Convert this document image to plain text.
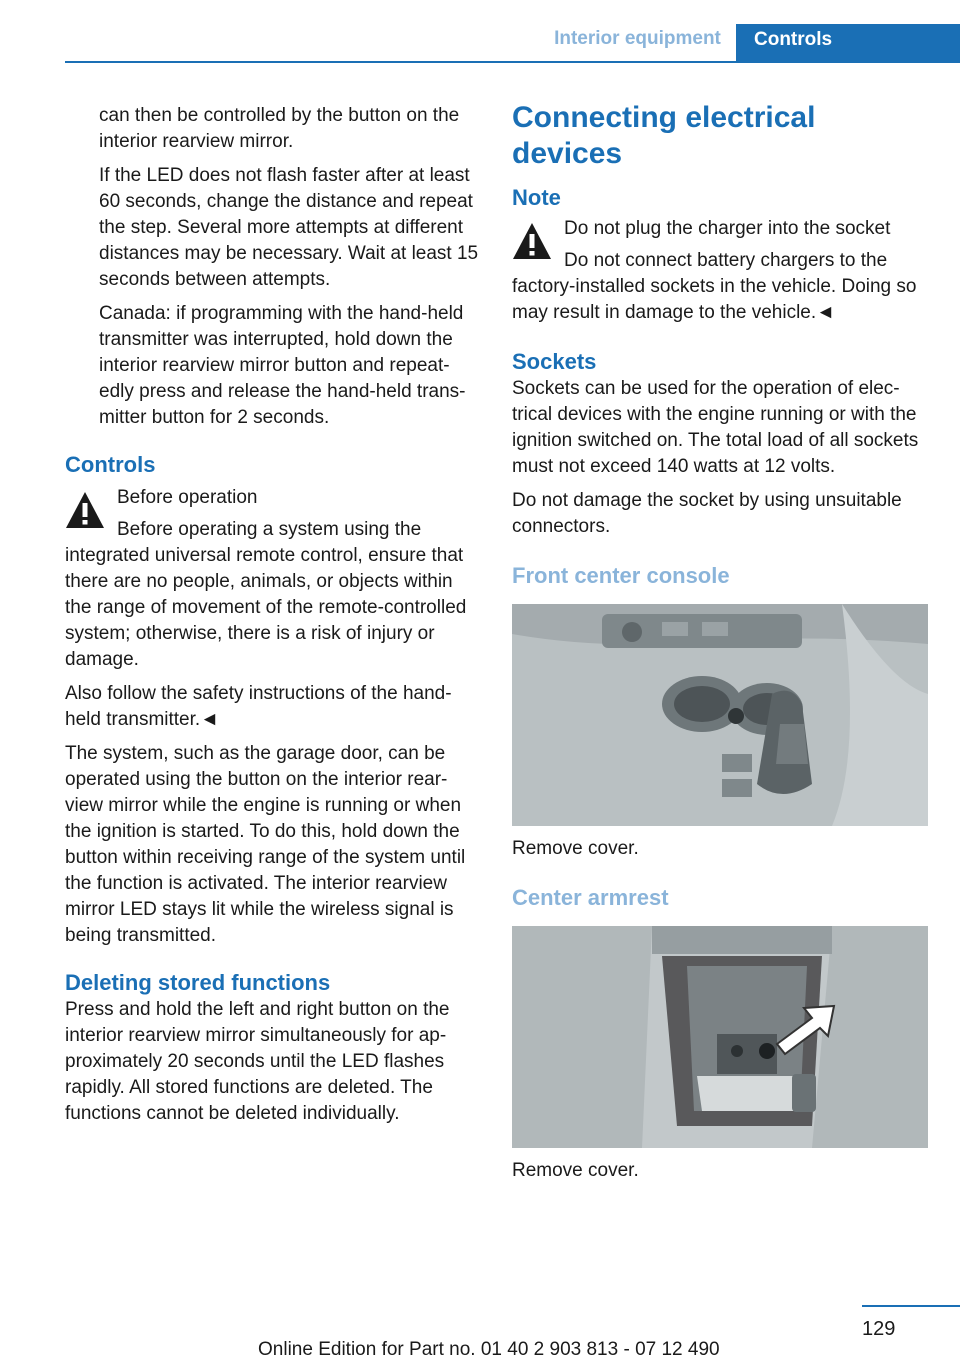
Interior equipment	Controls

can then be controlled by the button on the interior rearview mirror.

If the LED does not flash faster after at least 60 seconds, change the distance and repeat the step. Several more attempts at different distances may be necessary. Wait at least 15 seconds between attempts.

Canada: if programming with the hand-held transmitter was interrupted, hold down the interior rearview mirror button and repeat-edly press and release the hand-held trans-mitter button for 2 seconds.

Controls
Before operation
Before operating a system using the

integrated universal remote control, ensure that there are no people, animals, or objects within the range of movement of the remote-controlled system; otherwise, there is a risk of injury or damage.

Also follow the safety instructions of the hand-held transmitter.◄

The system, such as the garage door, can be operated using the button on the interior rear-view mirror while the engine is running or when the ignition is started. To do this, hold down the button within receiving range of the system until the function is activated. The interior rearview mirror LED stays lit while the wireless signal is being transmitted.

Deleting stored functions

Press and hold the left and right button on the interior rearview mirror simultaneously for ap-proximately 20 seconds until the LED flashes rapidly. All stored functions are deleted. The functions cannot be deleted individually.

Connecting electrical devices
Note
Do not plug the charger into the socket
Do not connect battery chargers to the

factory-installed sockets in the vehicle. Doing so may result in damage to the vehicle.◄

Sockets

Sockets can be used for the operation of elec-trical devices with the engine running or with the ignition switched on. The total load of all sockets must not exceed 140 watts at 12 volts.

Do not damage the socket by using unsuitable connectors.

Front center console

Remove cover.

Center armrest

Remove cover.

129
Online Edition for Part no. 01 40 2 903 813 - 07 12 490
